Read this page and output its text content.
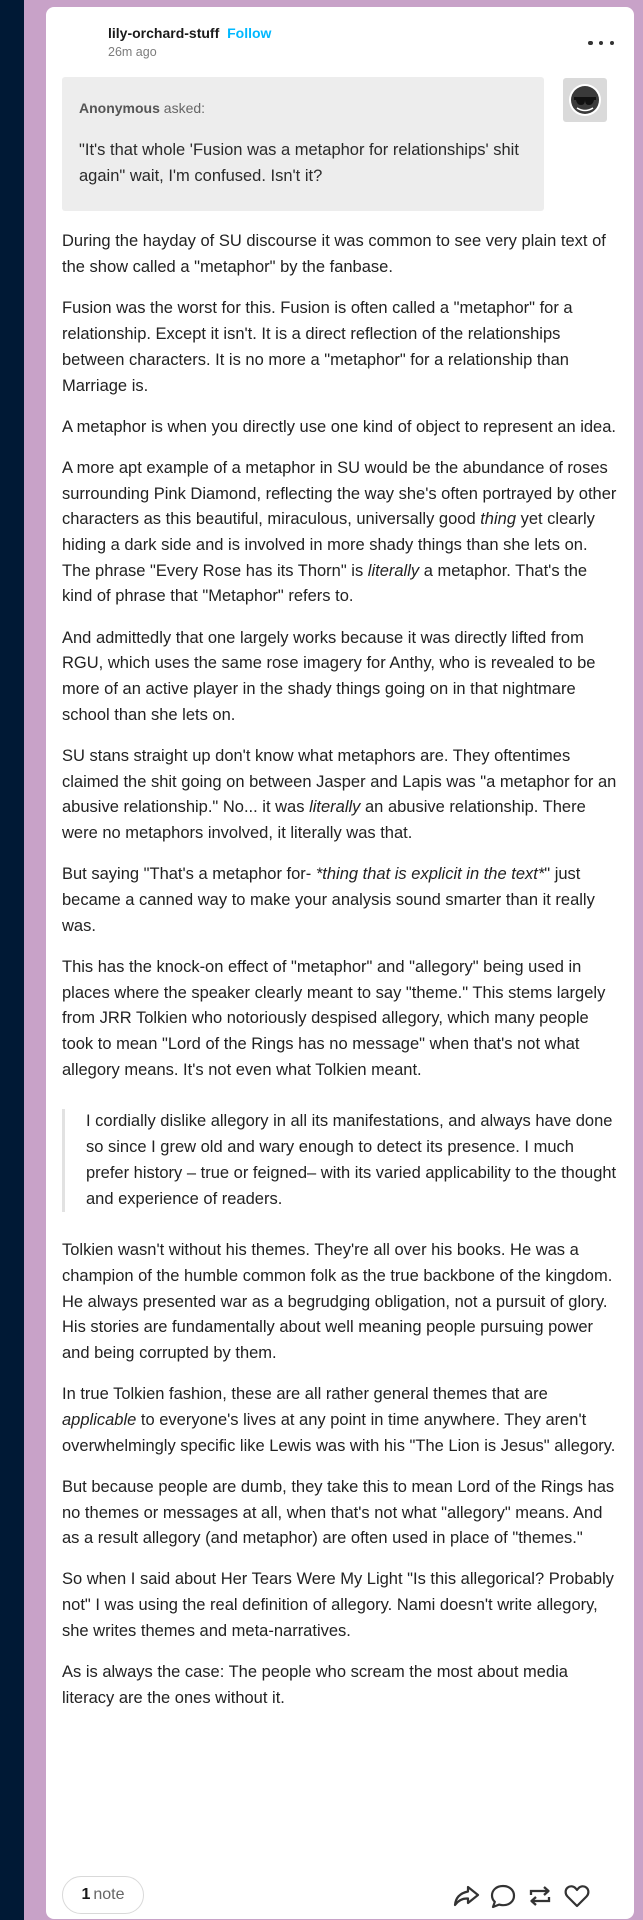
lily-orchard-stuff Follow
26m ago
Anonymous asked:
"It's that whole 'Fusion was a metaphor for relationships' shit again" wait, I'm confused. Isn't it?

During the hayday of SU discourse it was common to see very plain text of the show called a "metaphor" by the fanbase.

Fusion was the worst for this. Fusion is often called a "metaphor" for a relationship. Except it isn't. It is a direct reflection of the relationships between characters. It is no more a "metaphor" for a relationship than Marriage is.

A metaphor is when you directly use one kind of object to represent an idea.

A more apt example of a metaphor in SU would be the abundance of roses surrounding Pink Diamond, reflecting the way she's often portrayed by other characters as this beautiful, miraculous, universally good thing yet clearly hiding a dark side and is involved in more shady things than she lets on. The phrase "Every Rose has its Thorn" is literally a metaphor. That's the kind of phrase that "Metaphor" refers to.

And admittedly that one largely works because it was directly lifted from RGU, which uses the same rose imagery for Anthy, who is revealed to be more of an active player in the shady things going on in that nightmare school than she lets on.

SU stans straight up don't know what metaphors are. They oftentimes claimed the shit going on between Jasper and Lapis was "a metaphor for an abusive relationship." No... it was literally an abusive relationship. There were no metaphors involved, it literally was that.

But saying "That's a metaphor for- *thing that is explicit in the text*" just became a canned way to make your analysis sound smarter than it really was.

This has the knock-on effect of "metaphor" and "allegory" being used in places where the speaker clearly meant to say "theme." This stems largely from JRR Tolkien who notoriously despised allegory, which many people took to mean "Lord of the Rings has no message" when that's not what allegory means. It's not even what Tolkien meant.

I cordially dislike allegory in all its manifestations, and always have done so since I grew old and wary enough to detect its presence. I much prefer history – true or feigned– with its varied applicability to the thought and experience of readers.

Tolkien wasn't without his themes. They're all over his books. He was a champion of the humble common folk as the true backbone of the kingdom. He always presented war as a begrudging obligation, not a pursuit of glory. His stories are fundamentally about well meaning people pursuing power and being corrupted by them.

In true Tolkien fashion, these are all rather general themes that are applicable to everyone's lives at any point in time anywhere. They aren't overwhelmingly specific like Lewis was with his "The Lion is Jesus" allegory.

But because people are dumb, they take this to mean Lord of the Rings has no themes or messages at all, when that's not what "allegory" means. And as a result allegory (and metaphor) are often used in place of "themes."

So when I said about Her Tears Were My Light "Is this allegorical? Probably not" I was using the real definition of allegory. Nami doesn't write allegory, she writes themes and meta-narratives.

As is always the case: The people who scream the most about media literacy are the ones without it.

1 note
